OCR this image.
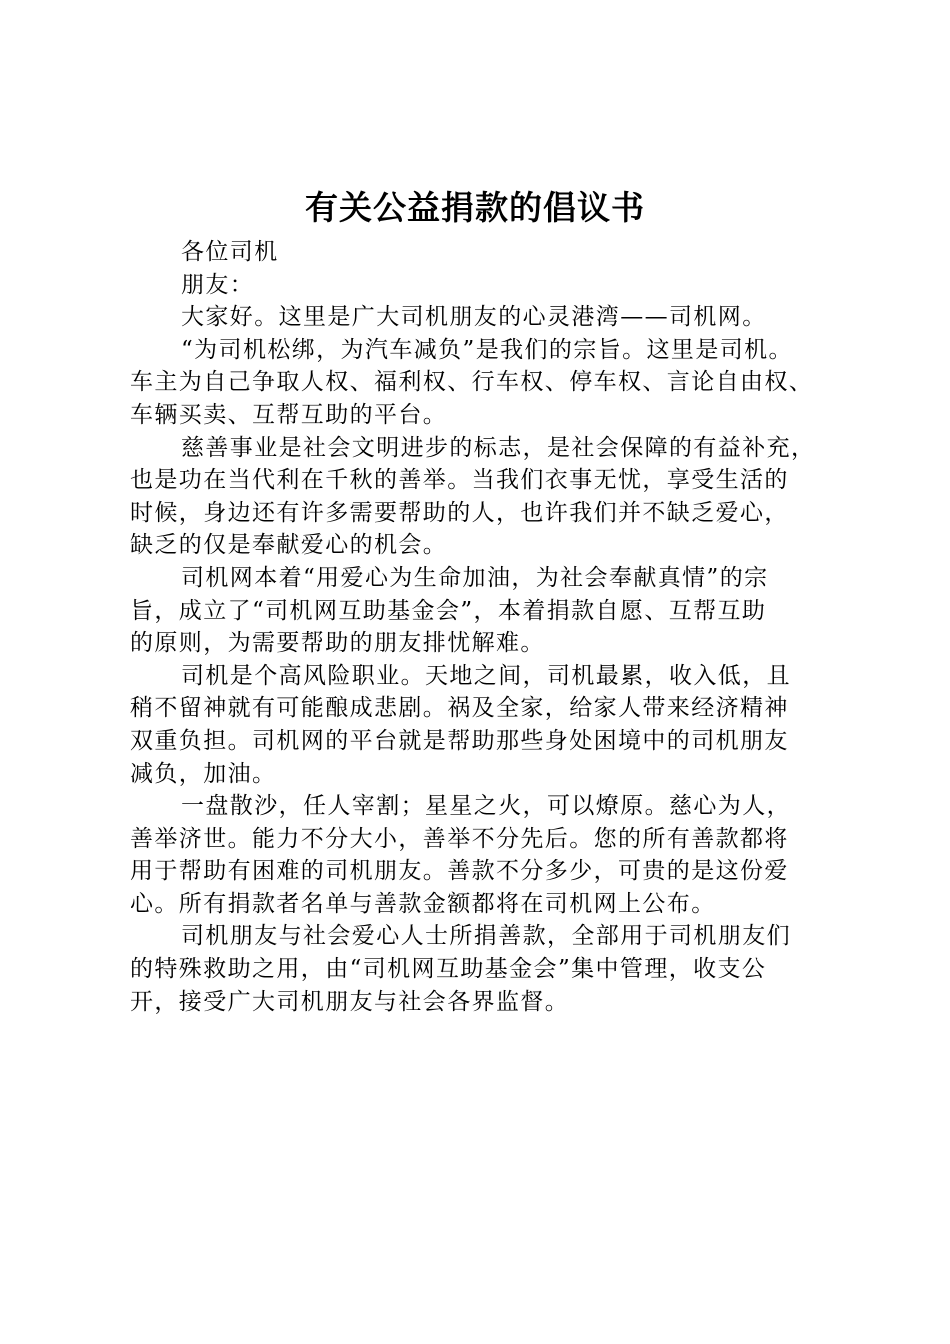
有关公益捐款的倡议书
各位司机
朋友：
大家好。这里是广大司机朋友的心灵港湾——司机网。
“为司机松绑，为汽车减负”是我们的宗旨。这里是司机。
车主为自己争取人权、福利权、行车权、停车权、言论自由权、
车辆买卖、互帮互助的平台。
慈善事业是社会文明进步的标志，是社会保障的有益补充，
也是功在当代利在千秋的善举。当我们衣事无忧，享受生活的
时候，身边还有许多需要帮助的人，也许我们并不缺乏爱心，
缺乏的仅是奉献爱心的机会。
司机网本着“用爱心为生命加油，为社会奉献真情”的宗
旨，成立了“司机网互助基金会”，本着捐款自愿、互帮互助
的原则，为需要帮助的朋友排忧解难。
司机是个高风险职业。天地之间，司机最累，收入低，且
稍不留神就有可能酿成悲剧。祸及全家，给家人带来经济精神
双重负担。司机网的平台就是帮助那些身处困境中的司机朋友
减负，加油。
一盘散沙，任人宰割；星星之火，可以燎原。慈心为人，
善举济世。能力不分大小，善举不分先后。您的所有善款都将
用于帮助有困难的司机朋友。善款不分多少，可贵的是这份爱
心。所有捐款者名单与善款金额都将在司机网上公布。
司机朋友与社会爱心人士所捐善款，全部用于司机朋友们
的特殊救助之用，由“司机网互助基金会”集中管理，收支公
开，接受广大司机朋友与社会各界监督。
